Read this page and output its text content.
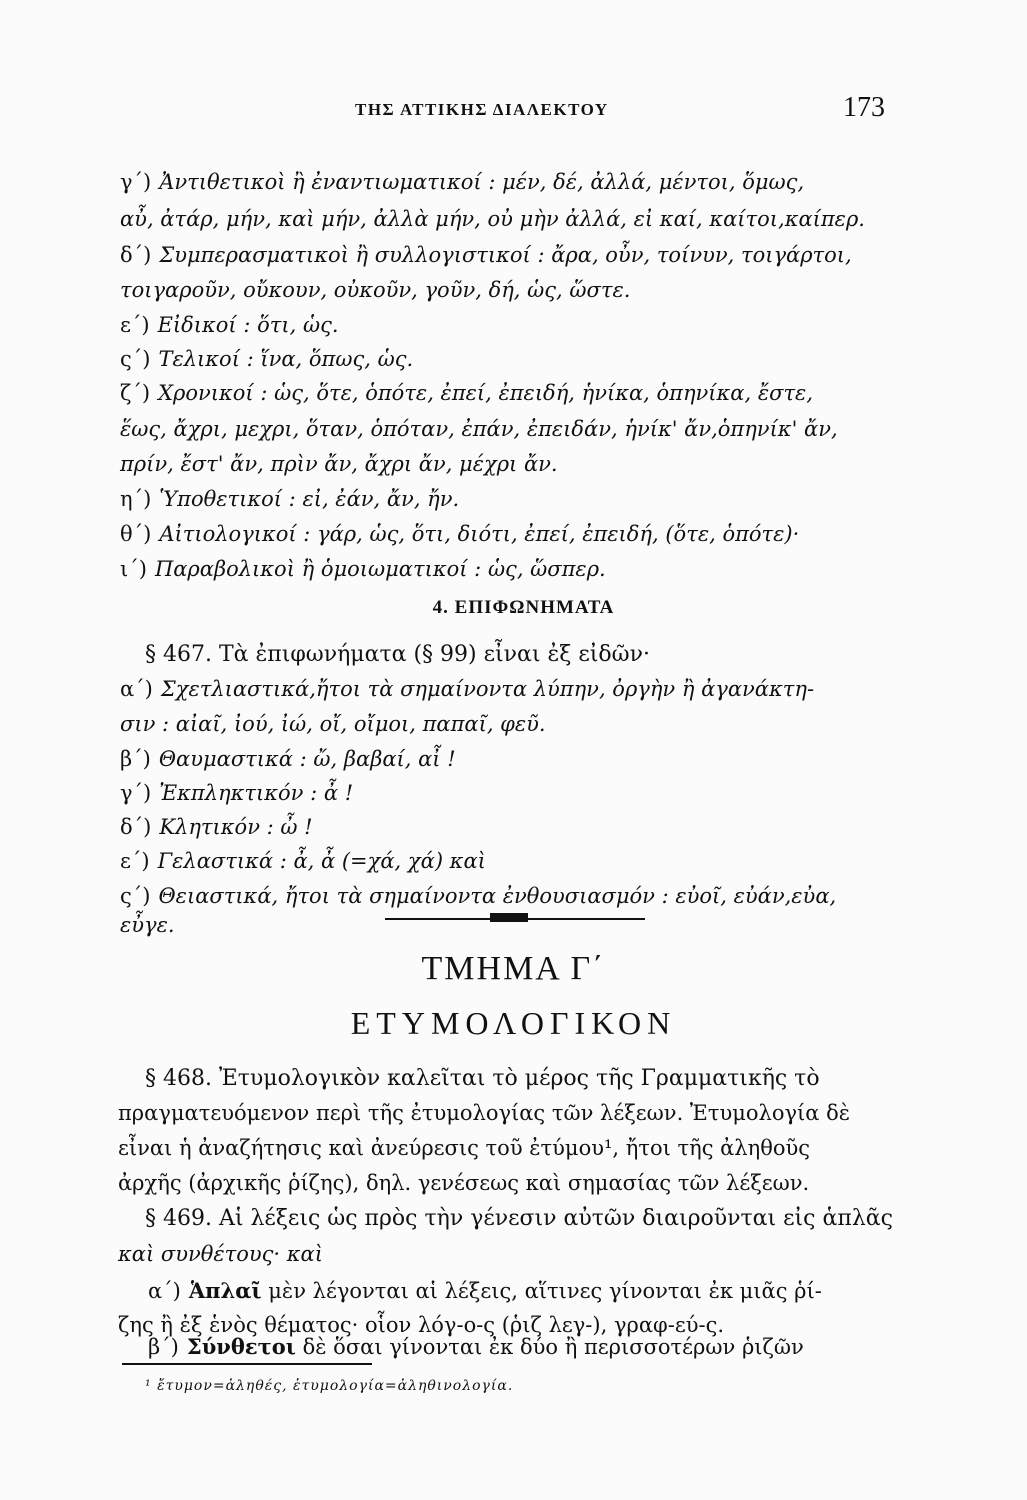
ΤΗΣ ΑΤΤΙΚΗΣ ΔΙΑΛΕΚΤΟΥ	173
γ΄) Ἀντιθετικοὶ ἢ ἐναντιωματικοί : μέν, δέ, ἀλλά, μέντοι, ὅμως,
αὖ, ἀτάρ, μήν, καὶ μήν, ἀλλὰ μήν, οὐ μὴν ἀλλά, εἰ καί, καίτοι,καίπερ.
δ΄) Συμπερασματικοὶ ἢ συλλογιστικοί : ἄρα, οὖν, τοίνυν, τοιγάρτοι,
τοιγαροῦν, οὔκουν, οὐκοῦν, γοῦν, δή, ὡς, ὥστε.
ε΄) Εἰδικοί : ὅτι, ὡς.
ς΄) Τελικοί : ἵνα, ὅπως, ὡς.
ζ΄) Χρονικοί : ὡς, ὅτε, ὁπότε, ἐπεί, ἐπειδή, ἡνίκα, ὁπηνίκα, ἔστε,
ἕως, ἄχρι, μεχρι, ὅταν, ὁπόταν, ἐπάν, ἐπειδάν, ἡνίκ' ἄν,ὁπηνίκ' ἄν,
πρίν, ἔστ' ἄν, πρὶν ἄν, ἄχρι ἄν, μέχρι ἄν.
η΄) Ὑποθετικοί : εἰ, ἐάν, ἄν, ἤν.
θ΄) Αἰτιολογικοί : γάρ, ὡς, ὅτι, διότι, ἐπεί, ἐπειδή, (ὅτε, ὁπότε)·
ι΄) Παραβολικοὶ ἢ ὁμοιωματικοί : ὡς, ὥσπερ.
4. ΕΠΙΦΩΝΗΜΑΤΑ
§ 467. Τὰ ἐπιφωνήματα (§ 99) εἶναι ἐξ εἰδῶν·
α΄) Σχετλιαστικά,ἤτοι τὰ σημαίνοντα λύπην, ὀργὴν ἢ ἀγανάκτη-
σιν : αἰαῖ, ἰού, ἰώ, οἴ, οἴμοι, παπαῖ, φεῦ.
β΄) Θαυμαστικά : ὤ, βαβαί, αἶ !
γ΄) Ἐκπληκτικόν : ἆ !
δ΄) Κλητικόν : ὦ !
ε΄) Γελαστικά : ἆ, ἆ (=χά, χά) καὶ
ς΄) Θειαστικά, ἤτοι τὰ σημαίνοντα ἐνθουσιασμόν : εὐοῖ, εὐάν,εὐα,
εὖγε.
ΤΜΗΜΑ Γ΄
ΕΤΥΜΟΛΟΓΙΚΟΝ
§ 468. Ἐτυμολογικὸν καλεῖται τὸ μέρος τῆς Γραμματικῆς τὸ
πραγματευόμενον περὶ τῆς ἐτυμολογίας τῶν λέξεων. Ἐτυμολογία δὲ
εἶναι ἡ ἀναζήτησις καὶ ἀνεύρεσις τοῦ ἐτύμου¹, ἤτοι τῆς ἀληθοῦς
ἀρχῆς (ἀρχικῆς ῥίζης), δηλ. γενέσεως καὶ σημασίας τῶν λέξεων.
§ 469. Αἱ λέξεις ὡς πρὸς τὴν γένεσιν αὐτῶν διαιροῦνται εἰς ἁπλᾶς
καὶ συνθέτους· καὶ
α΄) Ἁπλαῖ μὲν λέγονται αἱ λέξεις, αἵτινες γίνονται ἐκ μιᾶς ῥί-
ζης ἢ ἐξ ἑνὸς θέματος· οἷον λόγ-ο-ς (ῥιζ λεγ-), γραφ-εύ-ς.
β΄) Σύνθετοι δὲ ὅσαι γίνονται ἐκ δύο ἢ περισσοτέρων ῥιζῶν
¹ ἔτυμον=ἀληθές, ἐτυμολογία=ἀληθινολογία.
